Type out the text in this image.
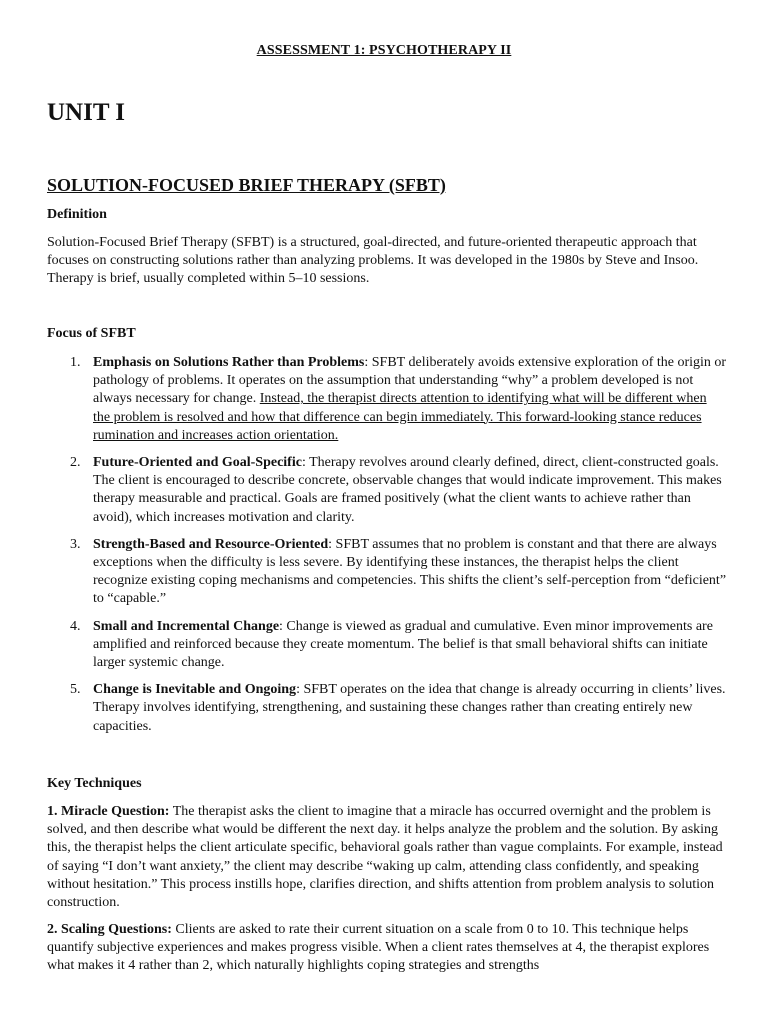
ASSESSMENT 1: PSYCHOTHERAPY II
UNIT I
SOLUTION-FOCUSED BRIEF THERAPY (SFBT)
Definition
Solution-Focused Brief Therapy (SFBT) is a structured, goal-directed, and future-oriented therapeutic approach that focuses on constructing solutions rather than analyzing problems. It was developed in the 1980s by Steve and Insoo. Therapy is brief, usually completed within 5–10 sessions.
Focus of SFBT
1. Emphasis on Solutions Rather than Problems: SFBT deliberately avoids extensive exploration of the origin or pathology of problems. It operates on the assumption that understanding “why” a problem developed is not always necessary for change. Instead, the therapist directs attention to identifying what will be different when the problem is resolved and how that difference can begin immediately. This forward-looking stance reduces rumination and increases action orientation.
2. Future-Oriented and Goal-Specific: Therapy revolves around clearly defined, direct, client-constructed goals. The client is encouraged to describe concrete, observable changes that would indicate improvement. This makes therapy measurable and practical. Goals are framed positively (what the client wants to achieve rather than avoid), which increases motivation and clarity.
3. Strength-Based and Resource-Oriented: SFBT assumes that no problem is constant and that there are always exceptions when the difficulty is less severe. By identifying these instances, the therapist helps the client recognize existing coping mechanisms and competencies. This shifts the client’s self-perception from “deficient” to “capable.”
4. Small and Incremental Change: Change is viewed as gradual and cumulative. Even minor improvements are amplified and reinforced because they create momentum. The belief is that small behavioral shifts can initiate larger systemic change.
5. Change is Inevitable and Ongoing: SFBT operates on the idea that change is already occurring in clients’ lives. Therapy involves identifying, strengthening, and sustaining these changes rather than creating entirely new capacities.
Key Techniques
1. Miracle Question: The therapist asks the client to imagine that a miracle has occurred overnight and the problem is solved, and then describe what would be different the next day. it helps analyze the problem and the solution. By asking this, the therapist helps the client articulate specific, behavioral goals rather than vague complaints. For example, instead of saying “I don’t want anxiety,” the client may describe “waking up calm, attending class confidently, and speaking without hesitation.” This process instills hope, clarifies direction, and shifts attention from problem analysis to solution construction.
2. Scaling Questions: Clients are asked to rate their current situation on a scale from 0 to 10. This technique helps quantify subjective experiences and makes progress visible. When a client rates themselves at 4, the therapist explores what makes it 4 rather than 2, which naturally highlights coping strategies and strengths
